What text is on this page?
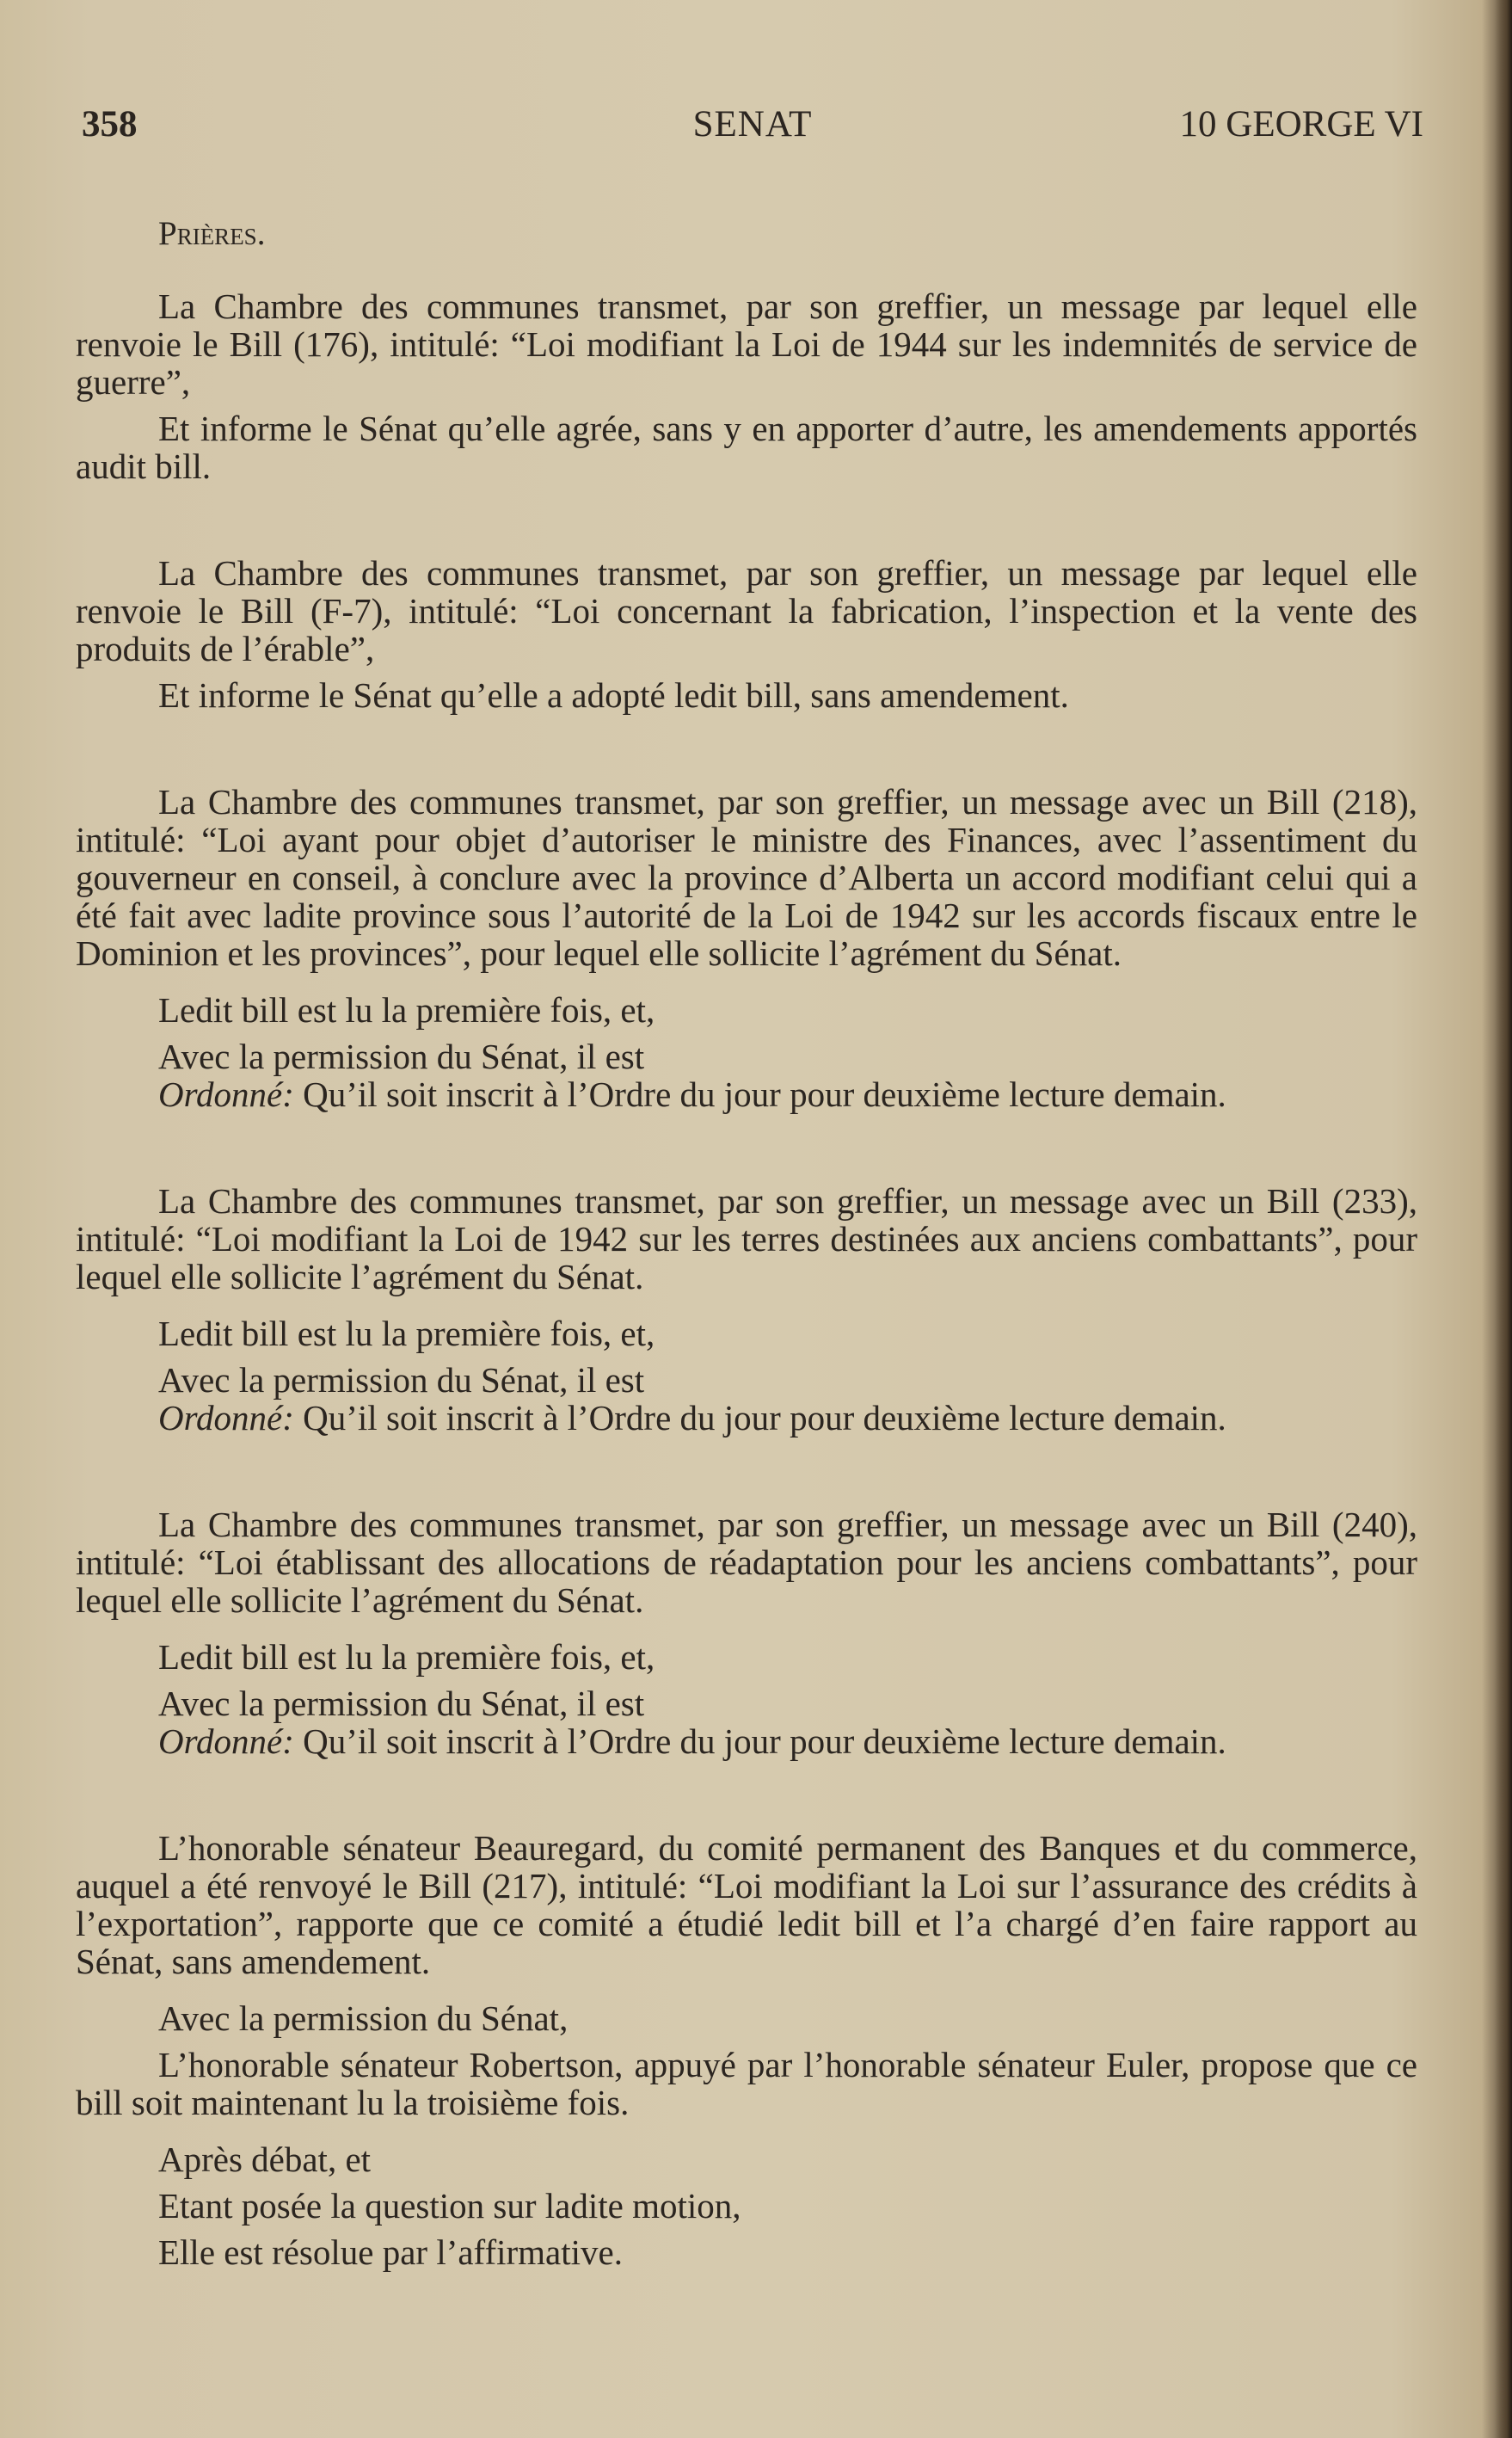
358	SENAT	10 GEORGE VI
Prières.

La Chambre des communes transmet, par son greffier, un message par lequel elle renvoie le Bill (176), intitulé: “Loi modifiant la Loi de 1944 sur les indemnités de service de guerre”,

Et informe le Sénat qu’elle agrée, sans y en apporter d’autre, les amendements apportés audit bill.

La Chambre des communes transmet, par son greffier, un message par lequel elle renvoie le Bill (F-7), intitulé: “Loi concernant la fabrication, l’inspection et la vente des produits de l’érable”,

Et informe le Sénat qu’elle a adopté ledit bill, sans amendement.

La Chambre des communes transmet, par son greffier, un message avec un Bill (218), intitulé: “Loi ayant pour objet d’autoriser le ministre des Finances, avec l’assentiment du gouverneur en conseil, à conclure avec la province d’Alberta un accord modifiant celui qui a été fait avec ladite province sous l’autorité de la Loi de 1942 sur les accords fiscaux entre le Dominion et les provinces”, pour lequel elle sollicite l’agrément du Sénat.

Ledit bill est lu la première fois, et,

Avec la permission du Sénat, il est

Ordonné: Qu’il soit inscrit à l’Ordre du jour pour deuxième lecture demain.

La Chambre des communes transmet, par son greffier, un message avec un Bill (233), intitulé: “Loi modifiant la Loi de 1942 sur les terres destinées aux anciens combattants”, pour lequel elle sollicite l’agrément du Sénat.

Ledit bill est lu la première fois, et,

Avec la permission du Sénat, il est

Ordonné: Qu’il soit inscrit à l’Ordre du jour pour deuxième lecture demain.

La Chambre des communes transmet, par son greffier, un message avec un Bill (240), intitulé: “Loi établissant des allocations de réadaptation pour les anciens combattants”, pour lequel elle sollicite l’agrément du Sénat.

Ledit bill est lu la première fois, et,

Avec la permission du Sénat, il est

Ordonné: Qu’il soit inscrit à l’Ordre du jour pour deuxième lecture demain.

L’honorable sénateur Beauregard, du comité permanent des Banques et du commerce, auquel a été renvoyé le Bill (217), intitulé: “Loi modifiant la Loi sur l’assurance des crédits à l’exportation”, rapporte que ce comité a étudié ledit bill et l’a chargé d’en faire rapport au Sénat, sans amendement.

Avec la permission du Sénat,

L’honorable sénateur Robertson, appuyé par l’honorable sénateur Euler, propose que ce bill soit maintenant lu la troisième fois.

Après débat, et

Etant posée la question sur ladite motion,

Elle est résolue par l’affirmative.
